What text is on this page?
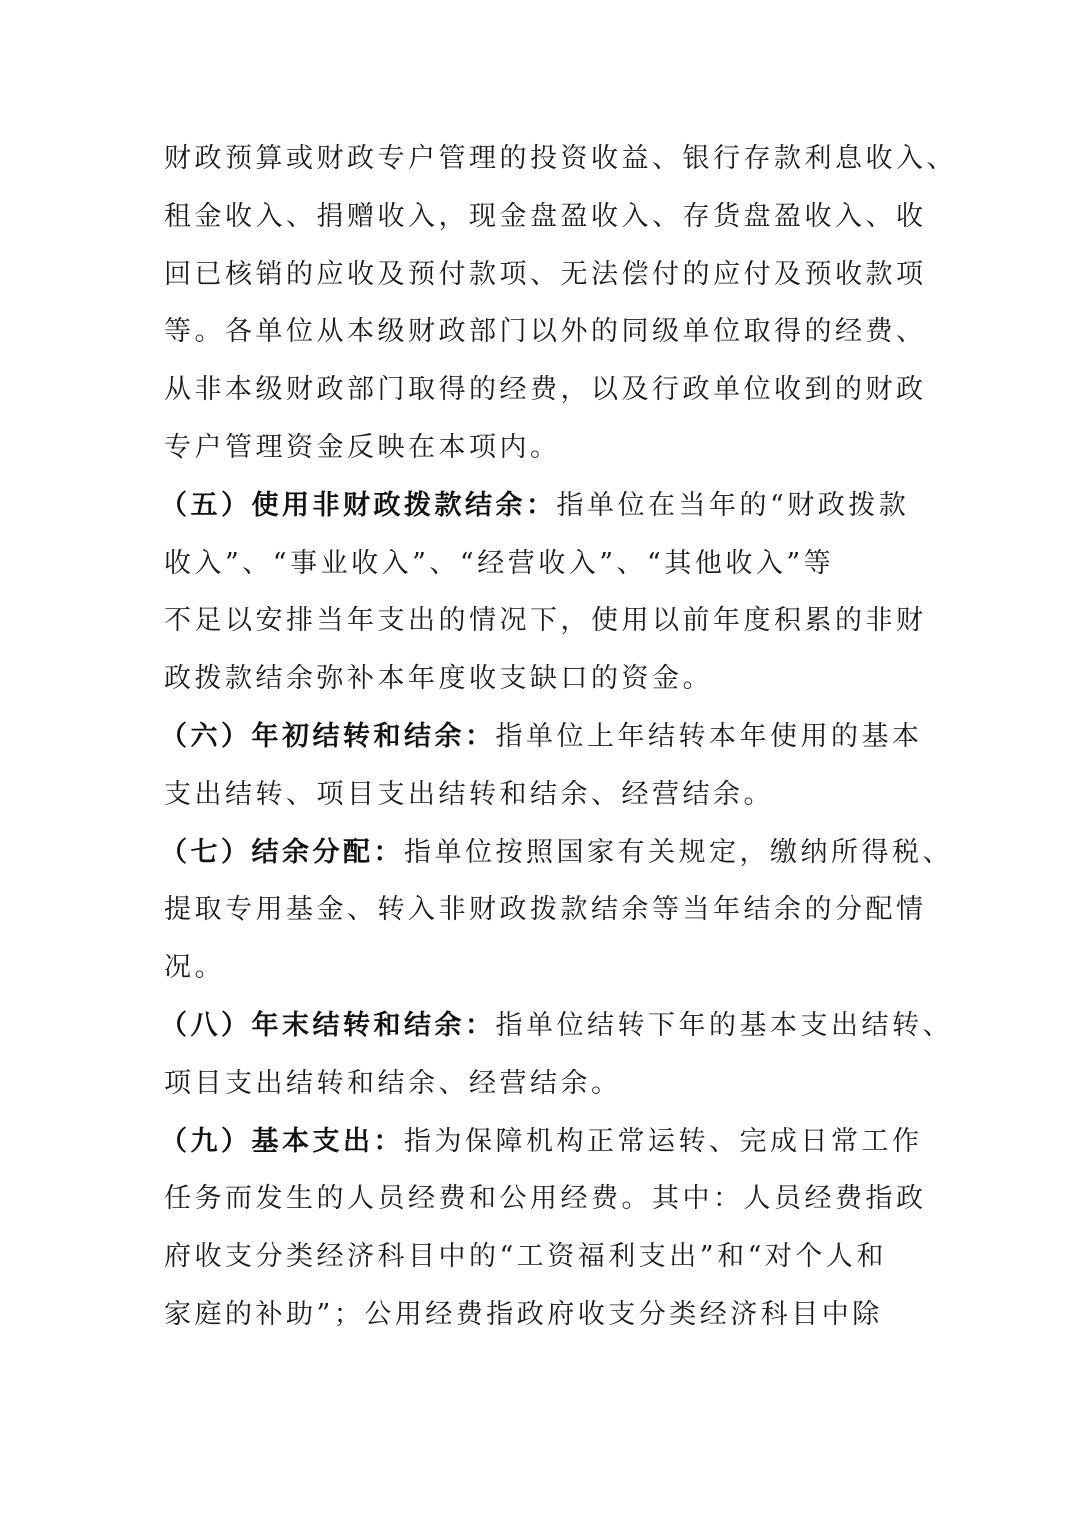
财政预算或财政专户管理的投资收益、银行存款利息收入、
租金收入、捐赠收入，现金盘盈收入、存货盘盈收入、收
回已核销的应收及预付款项、无法偿付的应付及预收款项
等。各单位从本级财政部门以外的同级单位取得的经费、
从非本级财政部门取得的经费，以及行政单位收到的财政
专户管理资金反映在本项内。
（五）使用非财政拨款结余：指单位在当年的“财政拨款
收入”、“事业收入”、“经营收入”、“其他收入”等
不足以安排当年支出的情况下，使用以前年度积累的非财
政拨款结余弥补本年度收支缺口的资金。
（六）年初结转和结余：指单位上年结转本年使用的基本
支出结转、项目支出结转和结余、经营结余。
（七）结余分配：指单位按照国家有关规定，缴纳所得税、
提取专用基金、转入非财政拨款结余等当年结余的分配情
况。
（八）年末结转和结余：指单位结转下年的基本支出结转、
项目支出结转和结余、经营结余。
（九）基本支出：指为保障机构正常运转、完成日常工作
任务而发生的人员经费和公用经费。其中：人员经费指政
府收支分类经济科目中的“工资福利支出”和“对个人和
家庭的补助”；公用经费指政府收支分类经济科目中除
